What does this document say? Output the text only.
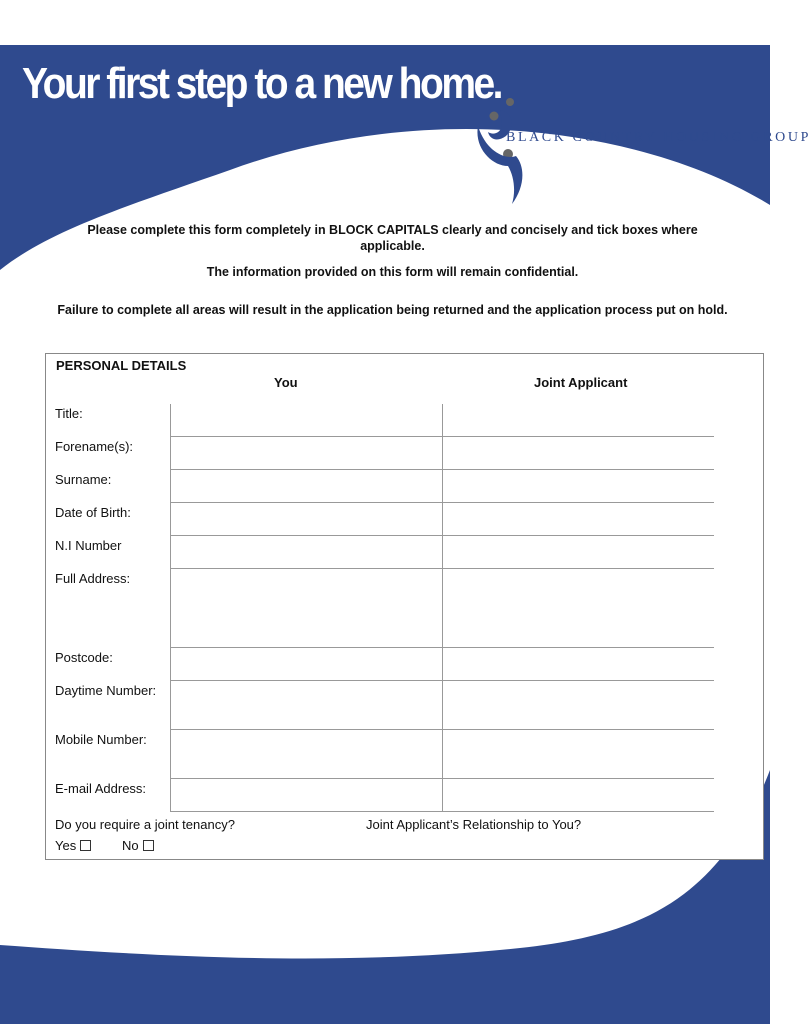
Your first step to a new home.
BLACK COUNTRY HOUSING GROUP
Please complete this form completely in BLOCK CAPITALS clearly and concisely and tick boxes where applicable.
The information provided on this form will remain confidential.
Failure to complete all areas will result in the application being returned and the application process put on hold.
PERSONAL DETAILS
You	Joint Applicant
Title:
Forename(s):
Surname:
Date of Birth:
N.I Number
Full Address:
Postcode:
Daytime Number:
Mobile Number:
E-mail Address:
Do you require a joint tenancy?	Joint Applicant’s Relationship to You?
Yes	No
